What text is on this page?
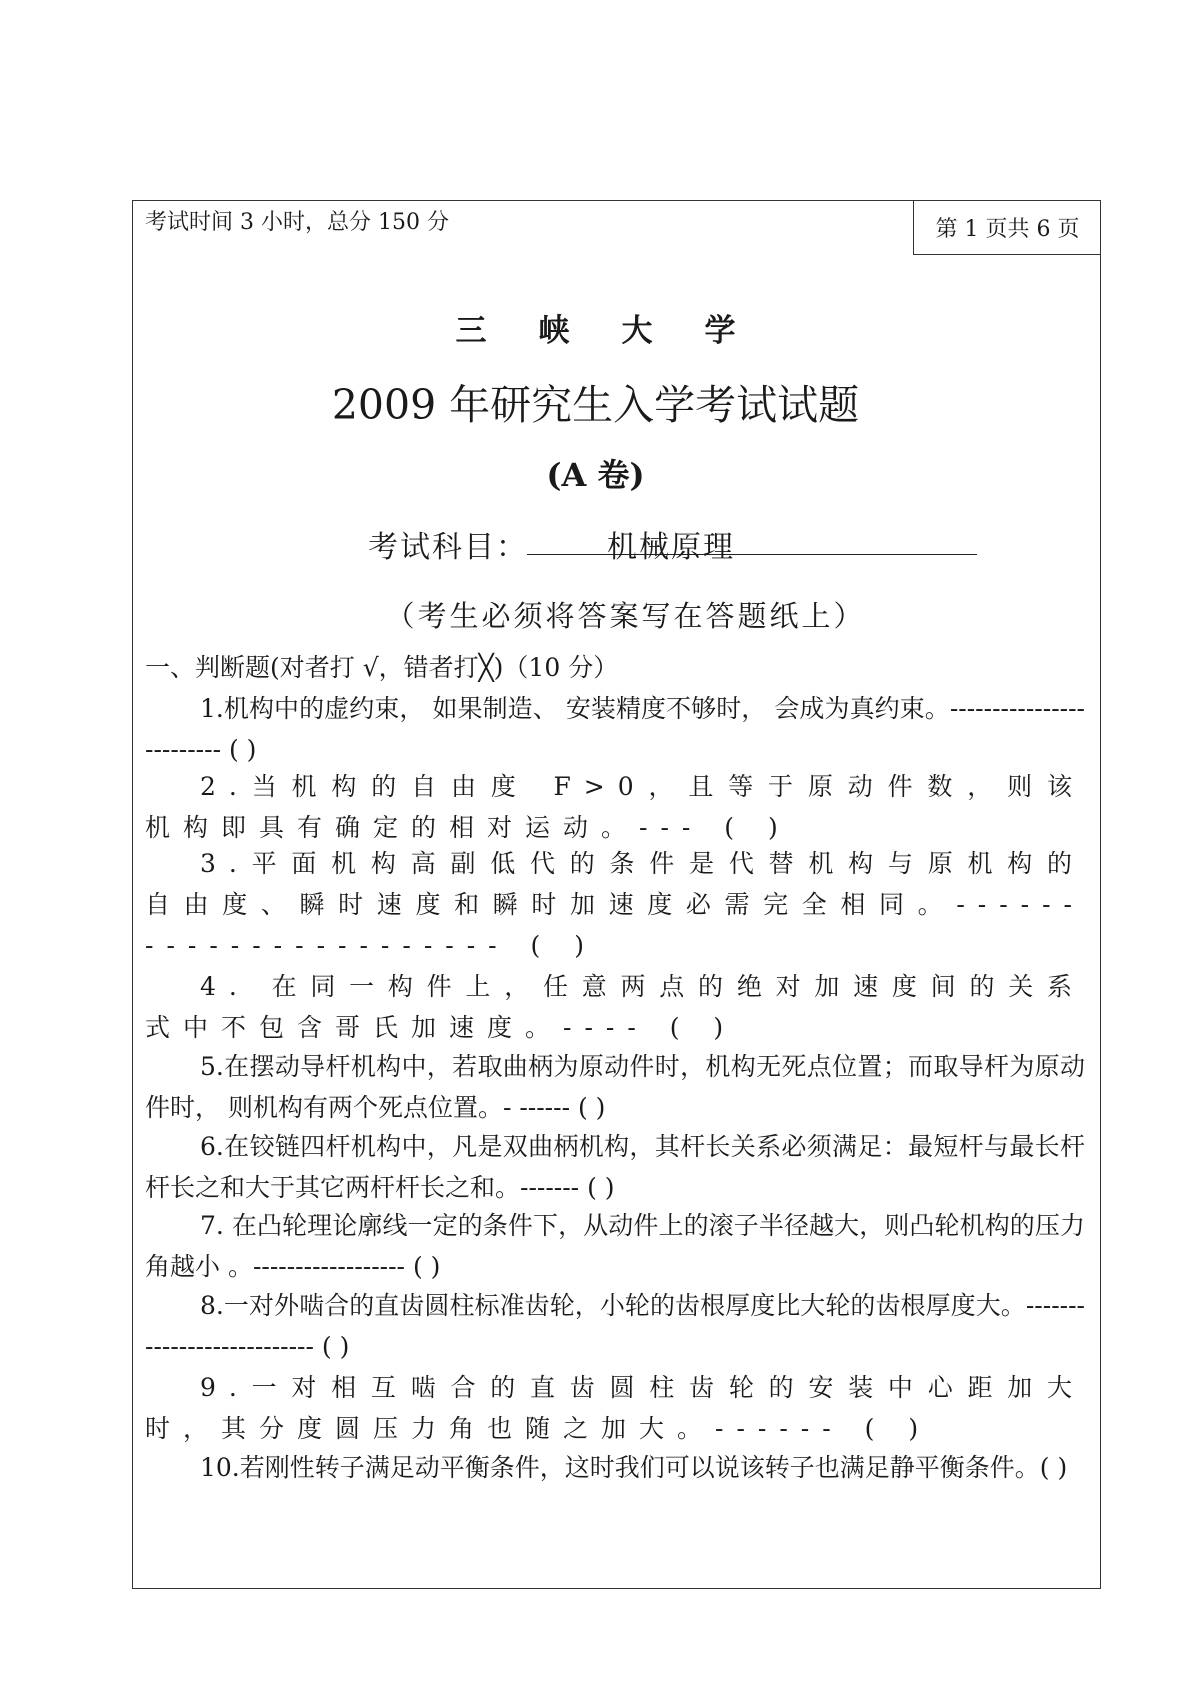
考试时间 3 小时，总分 150 分	第 1 页共 6 页
三峡大学
2009 年研究生入学考试试题
(A 卷)
考试科目：	机械原理
（考生必须将答案写在答题纸上）
一、判断题(对者打 √，错者打╳)（10 分）
1.机构中的虚约束， 如果制造、 安装精度不够时， 会成为真约束。------------------------- ( )
2.当机构的自由度 F>0，且等于原动件数，则该机构即具有确定的相对运动。--- ( )
3.平面机构高副低代的条件是代替机构与原机构的自由度、瞬时速度和瞬时加速度必需完全相同。----------------------- ( )
4. 在同一构件上，任意两点的绝对加速度间的关系式中不包含哥氏加速度。---- ( )
5.在摆动导杆机构中，若取曲柄为原动件时，机构无死点位置；而取导杆为原动件时， 则机构有两个死点位置。- ------ ( )
6.在铰链四杆机构中，凡是双曲柄机构，其杆长关系必须满足：最短杆与最长杆杆长之和大于其它两杆杆长之和。------- ( )
7. 在凸轮理论廓线一定的条件下，从动件上的滚子半径越大，则凸轮机构的压力角越小 。------------------ ( )
8.一对外啮合的直齿圆柱标准齿轮，小轮的齿根厚度比大轮的齿根厚度大。--------------------------- ( )
9.一对相互啮合的直齿圆柱齿轮的安装中心距加大时，其分度圆压力角也随之加大。------ ( )
10.若刚性转子满足动平衡条件，这时我们可以说该转子也满足静平衡条件。( )
